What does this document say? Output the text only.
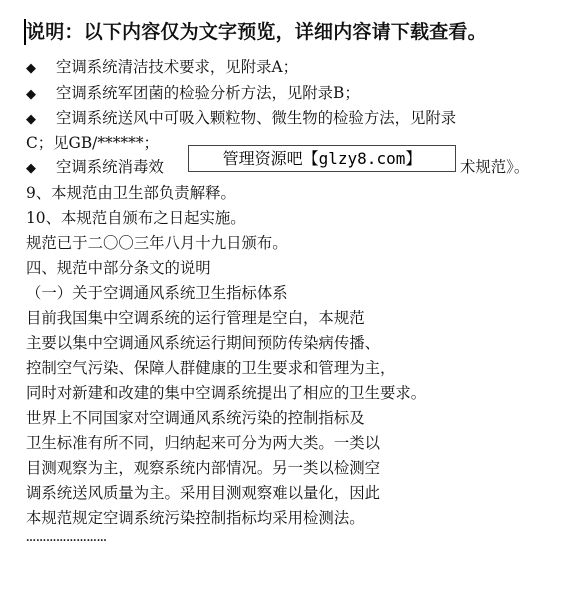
说明：以下内容仅为文字预览，详细内容请下载查看。
◆ 空调系统清洁技术要求，见附录A；
◆ 空调系统军团菌的检验分析方法，见附录B；
◆ 空调系统送风中可吸入颗粒物、微生物的检验方法，见附录
C；见GB/******；
◆ 空调系统消毒效	术规范》。
管理资源吧【glzy8.com】
9、本规范由卫生部负责解释。
10、本规范自颁布之日起实施。
规范已于二〇〇三年八月十九日颁布。
四、规范中部分条文的说明
（一）关于空调通风系统卫生指标体系
目前我国集中空调系统的运行管理是空白，本规范
主要以集中空调通风系统运行期间预防传染病传播、
控制空气污染、保障人群健康的卫生要求和管理为主，
同时对新建和改建的集中空调系统提出了相应的卫生要求。
世界上不同国家对空调通风系统污染的控制指标及
卫生标准有所不同，归纳起来可分为两大类。一类以
目测观察为主，观察系统内部情况。另一类以检测空
调系统送风质量为主。采用目测观察难以量化，因此
本规范规定空调系统污染控制指标均采用检测法。
……………………
